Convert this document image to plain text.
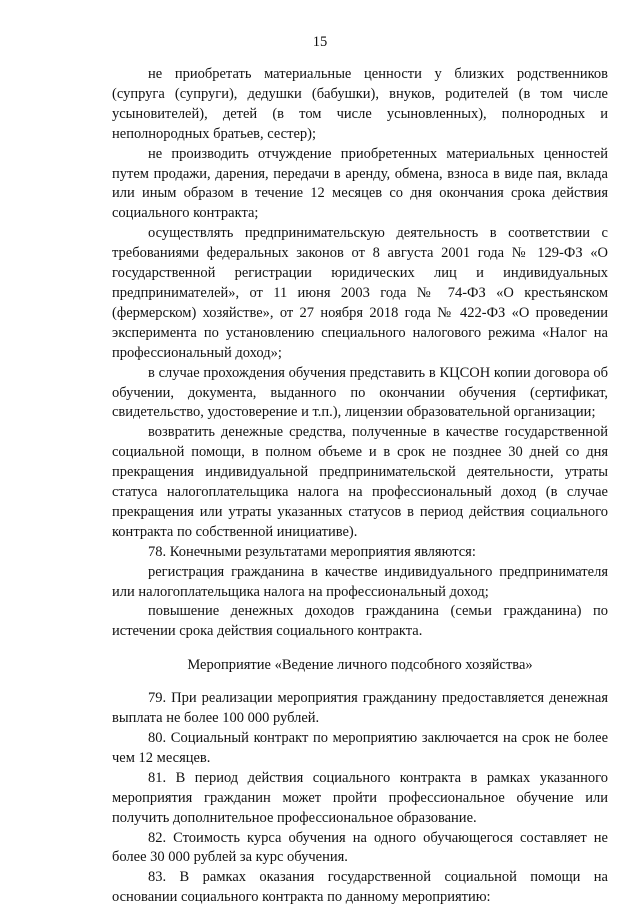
15

не приобретать материальные ценности у близких родственников (супруга (супруги), дедушки (бабушки), внуков, родителей (в том числе усыновителей), детей (в том числе усыновленных), полнородных и неполнородных братьев, сестер);

не производить отчуждение приобретенных материальных ценностей путем продажи, дарения, передачи в аренду, обмена, взноса в виде пая, вклада или иным образом в течение 12 месяцев со дня окончания срока действия социального контракта;

осуществлять предпринимательскую деятельность в соответствии с требованиями федеральных законов от 8 августа 2001 года № 129-ФЗ «О государственной регистрации юридических лиц и индивидуальных предпринимателей», от 11 июня 2003 года № 74-ФЗ «О крестьянском (фермерском) хозяйстве», от 27 ноября 2018 года № 422-ФЗ «О проведении эксперимента по установлению специального налогового режима «Налог на профессиональный доход»;

в случае прохождения обучения представить в КЦСОН копии договора об обучении, документа, выданного по окончании обучения (сертификат, свидетельство, удостоверение и т.п.), лицензии образовательной организации;

возвратить денежные средства, полученные в качестве государственной социальной помощи, в полном объеме и в срок не позднее 30 дней со дня прекращения индивидуальной предпринимательской деятельности, утраты статуса налогоплательщика налога на профессиональный доход (в случае прекращения или утраты указанных статусов в период действия социального контракта по собственной инициативе).

78. Конечными результатами мероприятия являются:

регистрация гражданина в качестве индивидуального предпринимателя или налогоплательщика налога на профессиональный доход;

повышение денежных доходов гражданина (семьи гражданина) по истечении срока действия социального контракта.

Мероприятие «Ведение личного подсобного хозяйства»

79. При реализации мероприятия гражданину предоставляется денежная выплата не более 100 000 рублей.

80. Социальный контракт по мероприятию заключается на срок не более чем 12 месяцев.

81. В период действия социального контракта в рамках указанного мероприятия гражданин может пройти профессиональное обучение или получить дополнительное профессиональное образование.

82. Стоимость курса обучения на одного обучающегося составляет не более 30 000 рублей за курс обучения.

83. В рамках оказания государственной социальной помощи на основании социального контракта по данному мероприятию:
